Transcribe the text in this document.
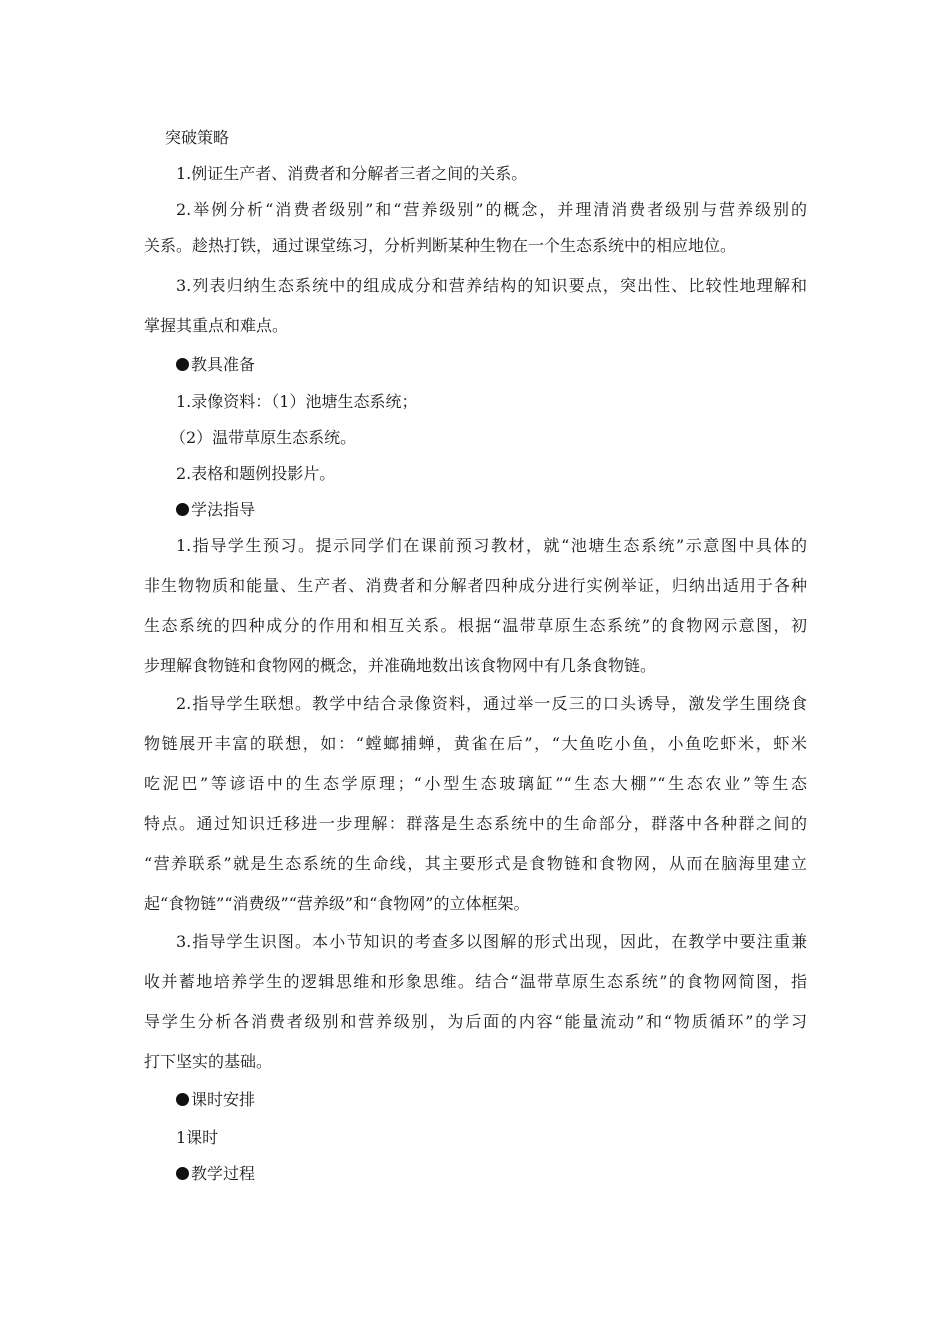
突破策略
1.例证生产者、消费者和分解者三者之间的关系。
2.举例分析“消费者级别”和“营养级别”的概念，并理清消费者级别与营养级别的
关系。趁热打铁，通过课堂练习，分析判断某种生物在一个生态系统中的相应地位。
3.列表归纳生态系统中的组成成分和营养结构的知识要点，突出性、比较性地理解和
掌握其重点和难点。
教具准备
1.录像资料：（1）池塘生态系统；
（2）温带草原生态系统。
2.表格和题例投影片。
学法指导
1.指导学生预习。提示同学们在课前预习教材，就“池塘生态系统”示意图中具体的
非生物物质和能量、生产者、消费者和分解者四种成分进行实例举证，归纳出适用于各种
生态系统的四种成分的作用和相互关系。根据“温带草原生态系统”的食物网示意图，初
步理解食物链和食物网的概念，并准确地数出该食物网中有几条食物链。
2.指导学生联想。教学中结合录像资料，通过举一反三的口头诱导，激发学生围绕食
物链展开丰富的联想，如：“螳螂捕蝉，黄雀在后”，“大鱼吃小鱼，小鱼吃虾米，虾米
吃泥巴”等谚语中的生态学原理；“小型生态玻璃缸”“生态大棚”“生态农业”等生态
特点。通过知识迁移进一步理解：群落是生态系统中的生命部分，群落中各种群之间的
“营养联系”就是生态系统的生命线，其主要形式是食物链和食物网，从而在脑海里建立
起“食物链”“消费级”“营养级”和“食物网”的立体框架。
3.指导学生识图。本小节知识的考查多以图解的形式出现，因此，在教学中要注重兼
收并蓄地培养学生的逻辑思维和形象思维。结合“温带草原生态系统”的食物网简图，指
导学生分析各消费者级别和营养级别，为后面的内容“能量流动”和“物质循环”的学习
打下坚实的基础。
课时安排
1课时
教学过程
